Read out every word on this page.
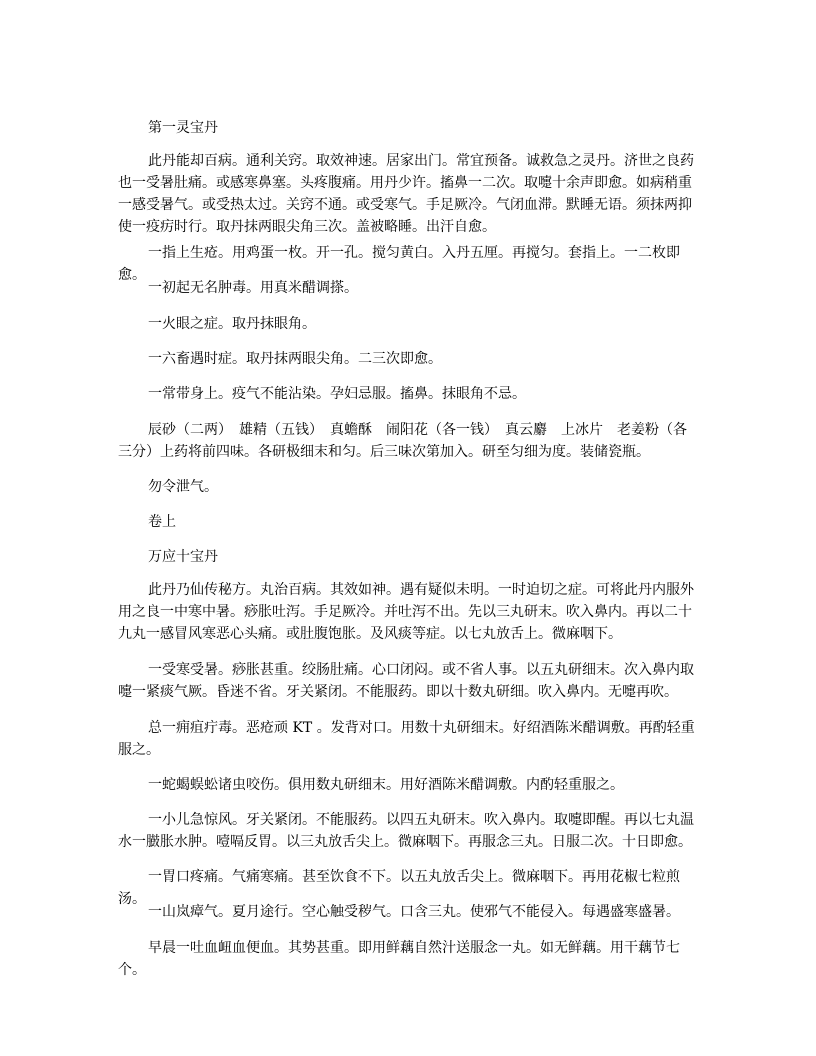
第一灵宝丹
此丹能却百病。通利关窍。取效神速。居家出门。常宜预备。诚救急之灵丹。济世之良药也一受暑肚痛。或感寒鼻塞。头疼腹痛。用丹少许。搐鼻一二次。取嚏十余声即愈。如病稍重一感受暑气。或受热太过。关窍不通。或受寒气。手足厥冷。气闭血滞。默睡无语。须抹两抑使一疫疠时行。取丹抹两眼尖角三次。盖被略睡。出汗自愈。
一指上生疮。用鸡蛋一枚。开一孔。搅匀黄白。入丹五厘。再搅匀。套指上。一二枚即愈。
一初起无名肿毒。用真米醋调搽。
一火眼之症。取丹抹眼角。
一六畜遇时症。取丹抹两眼尖角。二三次即愈。
一常带身上。疫气不能沾染。孕妇忌服。搐鼻。抹眼角不忌。
辰砂（二两）　雄精（五钱）　真蟾酥　闹阳花（各一钱）　真云麝　上冰片　老姜粉（各三分）上药将前四味。各研极细末和匀。后三味次第加入。研至匀细为度。装储瓷瓶。
勿令泄气。
卷上
万应十宝丹
此丹乃仙传秘方。丸治百病。其效如神。遇有疑似未明。一时迫切之症。可将此丹内服外用之良一中寒中暑。痧胀吐泻。手足厥冷。并吐泻不出。先以三丸研末。吹入鼻内。再以二十九丸一感冒风寒恶心头痛。或肚腹饱胀。及风痰等症。以七丸放舌上。微麻咽下。
一受寒受暑。痧胀甚重。绞肠肚痛。心口闭闷。或不省人事。以五丸研细末。次入鼻内取嚏一紧痰气厥。昏迷不省。牙关紧闭。不能服药。即以十数丸研细。吹入鼻内。无嚏再吹。
总一痈疽疔毒。恶疮顽 KT 。发背对口。用数十丸研细末。好绍酒陈米醋调敷。再酌轻重服之。
一蛇蝎蜈蚣诸虫咬伤。俱用数丸研细末。用好酒陈米醋调敷。内酌轻重服之。
一小儿急惊风。牙关紧闭。不能服药。以四五丸研末。吹入鼻内。取嚏即醒。再以七丸温水一臌胀水肿。噎嗝反胃。以三丸放舌尖上。微麻咽下。再服念三丸。日服二次。十日即愈。
一胃口疼痛。气痛寒痛。甚至饮食不下。以五丸放舌尖上。微麻咽下。再用花椒七粒煎汤。
一山岚瘴气。夏月途行。空心触受秽气。口含三丸。使邪气不能侵入。每遇盛寒盛暑。
早晨一吐血衄血便血。其势甚重。即用鲜藕自然汁送服念一丸。如无鲜藕。用干藕节七个。
